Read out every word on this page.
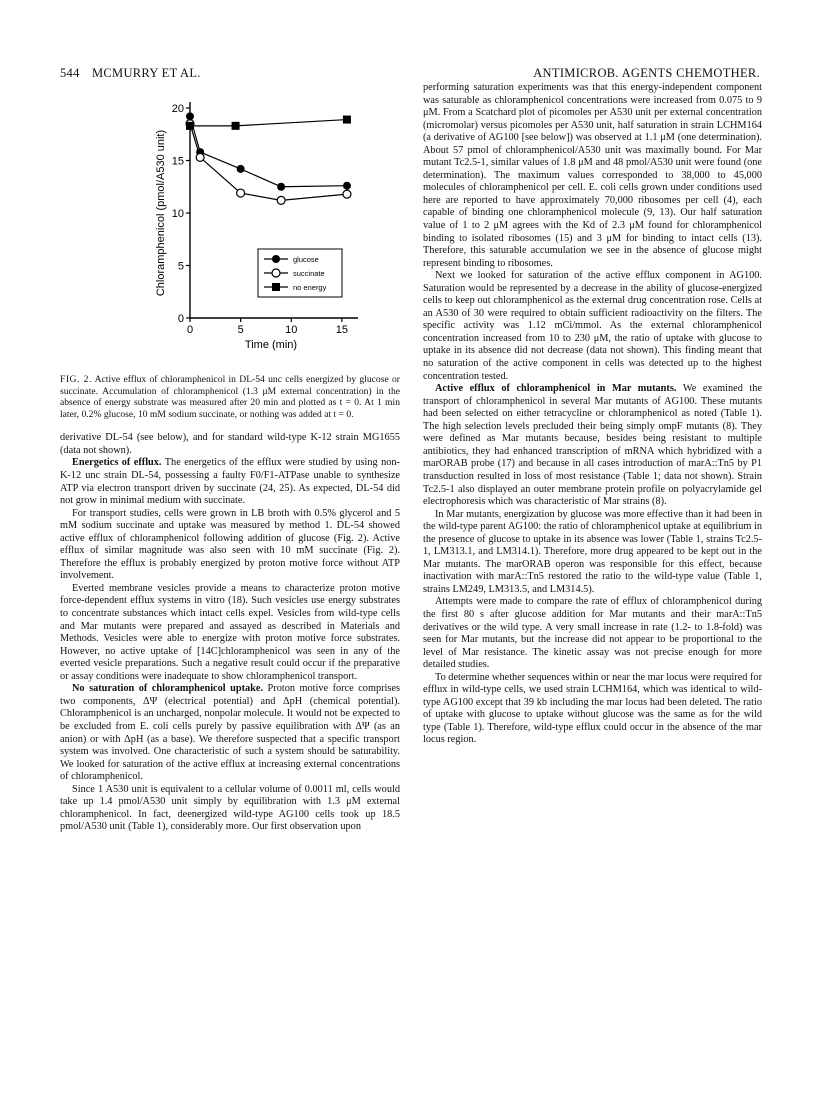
544 MCMURRY ET AL.	ANTIMICROB. AGENTS CHEMOTHER.
0
5
10
15
20
0	5	10	15
Time (min)
Chloramphenicol (pmol/A530 unit)	glucose
succinate
no energy
FIG. 2. Active efflux of chloramphenicol in DL-54 unc cells energized by glucose or succinate. Accumulation of chloramphenicol (1.3 μM external concentration) in the absence of energy substrate was measured after 20 min and plotted as t = 0. At 1 min later, 0.2% glucose, 10 mM sodium succinate, or nothing was added at t = 0.

derivative DL-54 (see below), and for standard wild-type K-12 strain MG1655 (data not shown).

Energetics of efflux. The energetics of the efflux were studied by using non-K-12 unc strain DL-54, possessing a faulty F0/F1-ATPase unable to synthesize ATP via electron transport driven by succinate (24, 25). As expected, DL-54 did not grow in minimal medium with succinate.

For transport studies, cells were grown in LB broth with 0.5% glycerol and 5 mM sodium succinate and uptake was measured by method 1. DL-54 showed active efflux of chloramphenicol following addition of glucose (Fig. 2). Active efflux of similar magnitude was also seen with 10 mM succinate (Fig. 2). Therefore the efflux is probably energized by proton motive force without ATP involvement.

Everted membrane vesicles provide a means to characterize proton motive force-dependent efflux systems in vitro (18). Such vesicles use energy substrates to concentrate substances which intact cells expel. Vesicles from wild-type cells and Mar mutants were prepared and assayed as described in Materials and Methods. Vesicles were able to energize with proton motive force substrates. However, no active uptake of [14C]chloramphenicol was seen in any of the everted vesicle preparations. Such a negative result could occur if the preparative or assay conditions were inadequate to show chloramphenicol transport.

No saturation of chloramphenicol uptake. Proton motive force comprises two components, ΔΨ (electrical potential) and ΔpH (chemical potential). Chloramphenicol is an uncharged, nonpolar molecule. It would not be expected to be excluded from E. coli cells purely by passive equilibration with ΔΨ (as an anion) or with ΔpH (as a base). We therefore suspected that a specific transport system was involved. One characteristic of such a system should be saturability. We looked for saturation of the active efflux at increasing external concentrations of chloramphenicol.

Since 1 A530 unit is equivalent to a cellular volume of 0.0011 ml, cells would take up 1.4 pmol/A530 unit simply by equilibration with 1.3 μM external chloramphenicol. In fact, deenergized wild-type AG100 cells took up 18.5 pmol/A530 unit (Table 1), considerably more. Our first observation upon

performing saturation experiments was that this energy-independent component was saturable as chloramphenicol concentrations were increased from 0.075 to 9 μM. From a Scatchard plot of picomoles per A530 unit per external concentration (micromolar) versus picomoles per A530 unit, half saturation in strain LCHM164 (a derivative of AG100 [see below]) was observed at 1.1 μM (one determination). About 57 pmol of chloramphenicol/A530 unit was maximally bound. For Mar mutant Tc2.5-1, similar values of 1.8 μM and 48 pmol/A530 unit were found (one determination). The maximum values corresponded to 38,000 to 45,000 molecules of chloramphenicol per cell. E. coli cells grown under conditions used here are reported to have approximately 70,000 ribosomes per cell (4), each capable of binding one chloramphenicol molecule (9, 13). Our half saturation value of 1 to 2 μM agrees with the Kd of 2.3 μM found for chloramphenicol binding to isolated ribosomes (15) and 3 μM for binding to intact cells (13). Therefore, this saturable accumulation we see in the absence of glucose might represent binding to ribosomes.

Next we looked for saturation of the active efflux component in AG100. Saturation would be represented by a decrease in the ability of glucose-energized cells to keep out chloramphenicol as the external drug concentration rose. Cells at an A530 of 30 were required to obtain sufficient radioactivity on the filters. The specific activity was 1.12 mCi/mmol. As the external chloramphenicol concentration increased from 10 to 230 μM, the ratio of uptake with glucose to uptake in its absence did not decrease (data not shown). This finding meant that no saturation of the active component in cells was detected up to the highest concentration tested.

Active efflux of chloramphenicol in Mar mutants. We examined the transport of chloramphenicol in several Mar mutants of AG100. These mutants had been selected on either tetracycline or chloramphenicol as noted (Table 1). The high selection levels precluded their being simply ompF mutants (8). They were defined as Mar mutants because, besides being resistant to multiple antibiotics, they had enhanced transcription of mRNA which hybridized with a marORAB probe (17) and because in all cases introduction of marA::Tn5 by P1 transduction resulted in loss of most resistance (Table 1; data not shown). Strain Tc2.5-1 also displayed an outer membrane protein profile on polyacrylamide gel electrophoresis which was characteristic of Mar strains (8).

In Mar mutants, energization by glucose was more effective than it had been in the wild-type parent AG100: the ratio of chloramphenicol uptake at equilibrium in the presence of glucose to uptake in its absence was lower (Table 1, strains Tc2.5-1, LM313.1, and LM314.1). Therefore, more drug appeared to be kept out in the Mar mutants. The marORAB operon was responsible for this effect, because inactivation with marA::Tn5 restored the ratio to the wild-type value (Table 1, strains LM249, LM313.5, and LM314.5).

Attempts were made to compare the rate of efflux of chloramphenicol during the first 80 s after glucose addition for Mar mutants and their marA::Tn5 derivatives or the wild type. A very small increase in rate (1.2- to 1.8-fold) was seen for Mar mutants, but the increase did not appear to be proportional to the level of Mar resistance. The kinetic assay was not precise enough for more detailed studies.

To determine whether sequences within or near the mar locus were required for efflux in wild-type cells, we used strain LCHM164, which was identical to wild-type AG100 except that 39 kb including the mar locus had been deleted. The ratio of uptake with glucose to uptake without glucose was the same as for the wild type (Table 1). Therefore, wild-type efflux could occur in the absence of the mar locus region.
